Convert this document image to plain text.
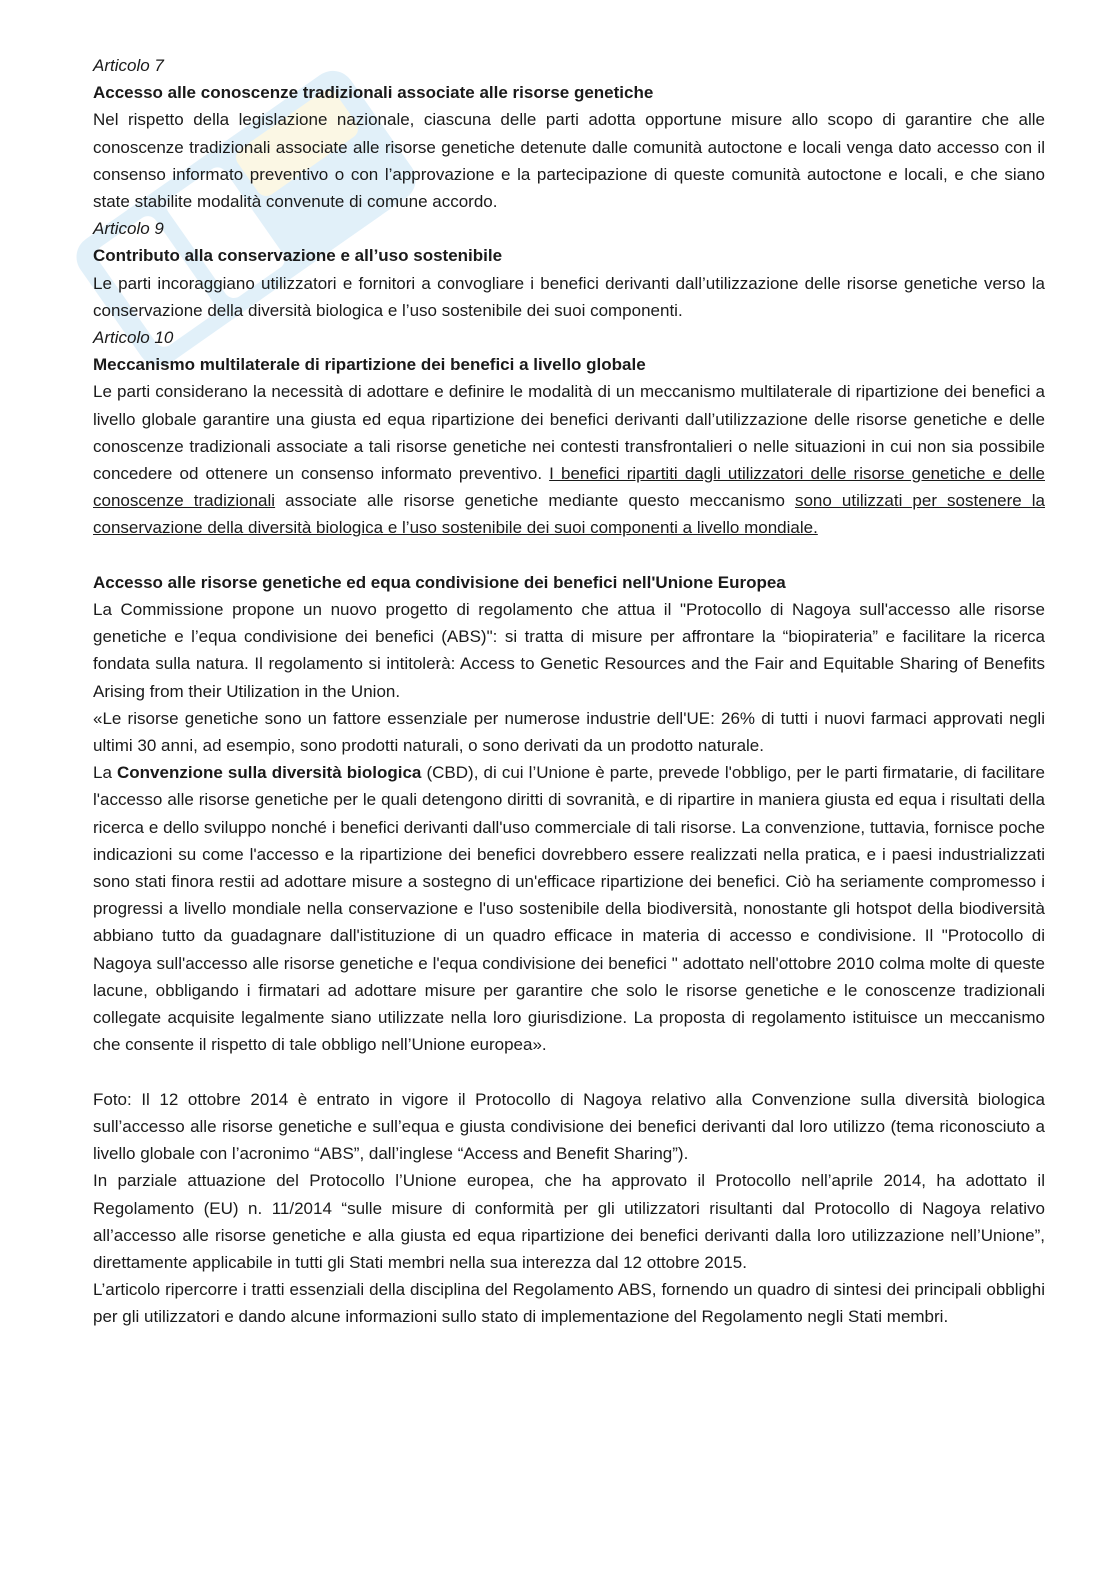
Articolo 7

Accesso alle conoscenze tradizionali associate alle risorse genetiche

Nel rispetto della legislazione nazionale, ciascuna delle parti adotta opportune misure allo scopo di garantire che alle conoscenze tradizionali associate alle risorse genetiche detenute dalle comunità autoctone e locali venga dato accesso con il consenso informato preventivo o con l’approvazione e la partecipazione di queste comunità autoctone e locali, e che siano state stabilite modalità convenute di comune accordo.

Articolo 9

Contributo alla conservazione e all’uso sostenibile

Le parti incoraggiano utilizzatori e fornitori a convogliare i benefici derivanti dall’utilizzazione delle risorse genetiche verso la conservazione della diversità biologica e l’uso sostenibile dei suoi componenti.

Articolo 10

Meccanismo multilaterale di ripartizione dei benefici a livello globale

Le parti considerano la necessità di adottare e definire le modalità di un meccanismo multilaterale di ripartizione dei benefici a livello globale garantire una giusta ed equa ripartizione dei benefici derivanti dall’utilizzazione delle risorse genetiche e delle conoscenze tradizionali associate a tali risorse genetiche nei contesti transfrontalieri o nelle situazioni in cui non sia possibile concedere od ottenere un consenso informato preventivo. I benefici ripartiti dagli utilizzatori delle risorse genetiche e delle conoscenze tradizionali associate alle risorse genetiche mediante questo meccanismo sono utilizzati per sostenere la conservazione della diversità biologica e l’uso sostenibile dei suoi componenti a livello mondiale.

Accesso alle risorse genetiche ed equa condivisione dei benefici nell'Unione Europea

La Commissione propone un nuovo progetto di regolamento che attua il "Protocollo di Nagoya sull'accesso alle risorse genetiche e l’equa condivisione dei benefici (ABS)": si tratta di misure per affrontare la “biopirateria” e facilitare la ricerca fondata sulla natura. Il regolamento si intitolerà: Access to Genetic Resources and the Fair and Equitable Sharing of Benefits Arising from their Utilization in the Union.

«Le risorse genetiche sono un fattore essenziale per numerose industrie dell'UE: 26% di tutti i nuovi farmaci approvati negli ultimi 30 anni, ad esempio, sono prodotti naturali, o sono derivati da un prodotto naturale.

La Convenzione sulla diversità biologica (CBD), di cui l’Unione è parte, prevede l'obbligo, per le parti firmatarie, di facilitare l'accesso alle risorse genetiche per le quali detengono diritti di sovranità, e di ripartire in maniera giusta ed equa i risultati della ricerca e dello sviluppo nonché i benefici derivanti dall'uso commerciale di tali risorse. La convenzione, tuttavia, fornisce poche indicazioni su come l'accesso e la ripartizione dei benefici dovrebbero essere realizzati nella pratica, e i paesi industrializzati sono stati finora restii ad adottare misure a sostegno di un'efficace ripartizione dei benefici. Ciò ha seriamente compromesso i progressi a livello mondiale nella conservazione e l'uso sostenibile della biodiversità, nonostante gli hotspot della biodiversità abbiano tutto da guadagnare dall'istituzione di un quadro efficace in materia di accesso e condivisione. Il "Protocollo di Nagoya sull'accesso alle risorse genetiche e l'equa condivisione dei benefici " adottato nell'ottobre 2010 colma molte di queste lacune, obbligando i firmatari ad adottare misure per garantire che solo le risorse genetiche e le conoscenze tradizionali collegate acquisite legalmente siano utilizzate nella loro giurisdizione. La proposta di regolamento istituisce un meccanismo che consente il rispetto di tale obbligo nell’Unione europea».

Foto: Il 12 ottobre 2014 è entrato in vigore il Protocollo di Nagoya relativo alla Convenzione sulla diversità biologica sull’accesso alle risorse genetiche e sull’equa e giusta condivisione dei benefici derivanti dal loro utilizzo (tema riconosciuto a livello globale con l’acronimo “ABS”, dall’inglese “Access and Benefit Sharing”).

In parziale attuazione del Protocollo l’Unione europea, che ha approvato il Protocollo nell’aprile 2014, ha adottato il Regolamento (EU) n. 11/2014 “sulle misure di conformità per gli utilizzatori risultanti dal Protocollo di Nagoya relativo all’accesso alle risorse genetiche e alla giusta ed equa ripartizione dei benefici derivanti dalla loro utilizzazione nell’Unione”, direttamente applicabile in tutti gli Stati membri nella sua interezza dal 12 ottobre 2015.

L’articolo ripercorre i tratti essenziali della disciplina del Regolamento ABS, fornendo un quadro di sintesi dei principali obblighi per gli utilizzatori e dando alcune informazioni sullo stato di implementazione del Regolamento negli Stati membri.
